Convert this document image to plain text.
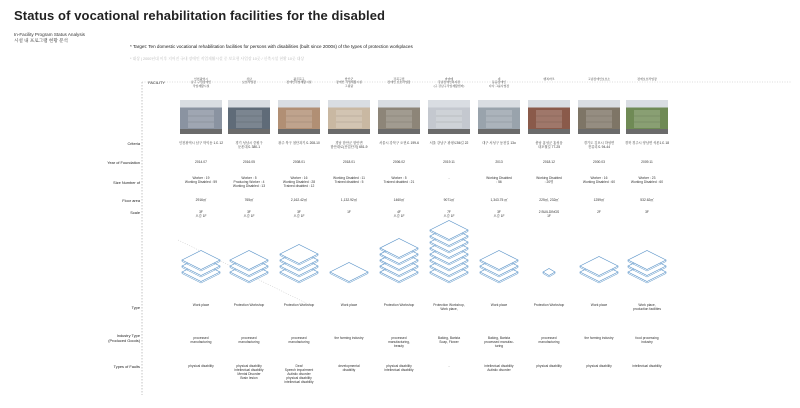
Status of vocational rehabilitation facilities for the disabled
In-Facility Program Status Analysis
시설 내 프로그램 현황 분석
* Target: Ten domestic vocational rehabilitation facilities for persons with disabilities (built since 2000s) of the types of protection workplaces
* 대상 | 2000년대 이후 지어진 국내 장애인 직업재활시설 중 보호형 사업장 10곳 / 신축시설 현황 10곳 대상
FACILITY
Criteria
Year of Foundation
Size Number of
Floor area
Scale
Type
Industry Type
(Produced Goods)
Types of Faults
인천광역시
남구 구립장애인
직업재활시설
인천광역시 남구 학익동 1로 12
2014.07
Worker : 19
Working Disabled : 59
2916㎡
3F
오감 1F
Work place
processed
manufacturing
physical disability
성남
보호작업장
경기 성남시 중원구
둔촌대로 380-1
2016.05
Worker : 5
Producing Worker : 4
Working Disabled : 13
765㎡
3F
오감 1F
Protection Workshop
processed
manufacturing
physical disability
intellectual disability
Mental Disorder
Brain lesion
광주북구
장애인직업재활시설
광주 북구 첨단과기로 208-10
2008.01
Worker : 16
Working Disabled : 28
Trained disabled : 12
2,162.42㎡
3F
오감 1F
Protection Workshop
processed
manufacturing
Deaf
Speech impairment
Autistic disorder
physical disability
intellectual disability
함안군
장애인 직업재활시설
그린팜
경남 함안군 함안면
함안대로(산업단지) 651-9
2018.01
Working Disabled : 11
Trained disabled : 5
1,132.92㎡
1F
Work place
the farming industry
developmental
disability
강북구립
장애인 보호작업장
서울시 강북구 오현로 199-6
2006.02
Worker : 5
Trained disabled : 21
1460㎡
4F
오감 1F
Protection Workshop
processed
manufacturing,
beauty
physical disability
intellectual disability
마마메
강남장애인복지관
(구 강남구직업재활센터)
서울 강남구 광평로56길 22
2019.11
-
9071㎡
7F
오감 1F
Protection Workshop,
Work place,
Baking, Barista
Soap, Flower
-
새
동음장애인
다사 그룹사업장
대구 서성구 동천길 13o
2013
Working Disabled
: 56
1,343.75 ㎡
3F
오감 1F
Work place
Baking, Barista
processed manufac-
turing
intellectual disability
Autistic disorder
행복마크
충남 홍성군 홍성읍
내포월길 77-25
2018.12
Working Disabled
: 20명
225㎡, 232㎡
2 BUILDINGS
1F
Protection Workshop
processed
manufacturing
physical disability
고남장애인보호소
경기도 김포시 하성면
전류리로 94-44
2000.03
Worker : 16
Working Disabled : 60
1259㎡
2F
Work place
the farming industry
physical disability
장애보호작업장
경북 경주시 양남면 석촌1로 18
2009.11
Worker : 23
Working Disabled : 60
532.62㎡
3F
Work place,
production facilities
food processing
industry
intellectual disability
